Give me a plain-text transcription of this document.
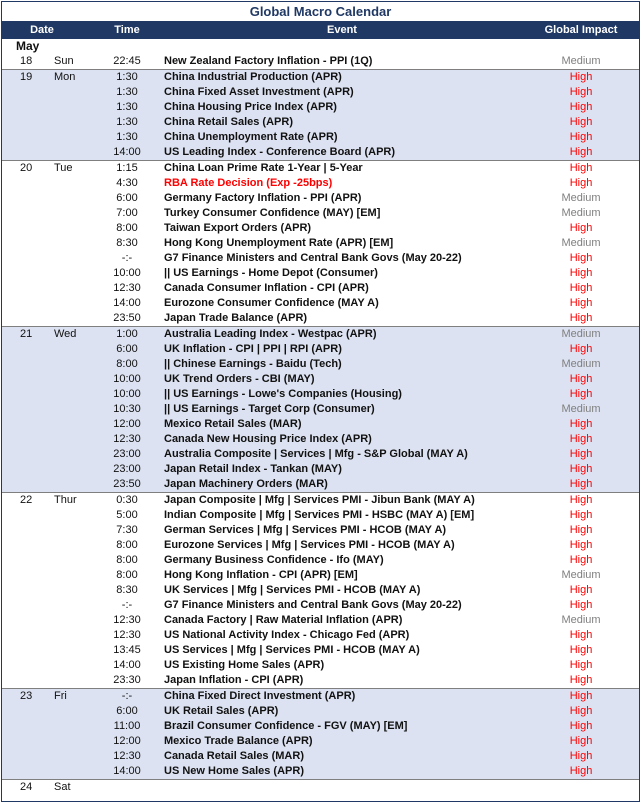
Global Macro Calendar
Date	Time (GMT)
Event	Global Impact Potential
May
18	Sun	22:45	New Zealand Factory Inflation - PPI (1Q)	Medium
19	Mon	1:30	China Industrial Production (APR)	High
1:30	China Fixed Asset Investment (APR)	High
1:30	China Housing Price Index (APR)	High
1:30	China Retail Sales (APR)	High
1:30	China Unemployment Rate (APR)	High
14:00	US Leading Index - Conference Board (APR)	High
20	Tue	1:15	China Loan Prime Rate 1-Year | 5-Year	High
4:30	RBA Rate Decision (Exp -25bps)	High
6:00	Germany Factory Inflation - PPI (APR)	Medium
7:00	Turkey Consumer Confidence (MAY) [EM]	Medium
8:00	Taiwan Export Orders (APR)	High
8:30	Hong Kong Unemployment Rate (APR) [EM]	Medium
-:-	G7 Finance Ministers and Central Bank Govs (May 20-22)	High
10:00	|| US Earnings - Home Depot (Consumer)	High
12:30	Canada Consumer Inflation - CPI (APR)	High
14:00	Eurozone Consumer Confidence (MAY A)	High
23:50	Japan Trade Balance (APR)	High
21	Wed	1:00	Australia Leading Index - Westpac (APR)	Medium
6:00	UK Inflation - CPI | PPI | RPI (APR)	High
8:00	|| Chinese Earnings - Baidu (Tech)	Medium
10:00	UK Trend Orders - CBI (MAY)	High
10:00	|| US Earnings - Lowe's Companies (Housing)	High
10:30	|| US Earnings - Target Corp (Consumer)	Medium
12:00	Mexico Retail Sales (MAR)	High
12:30	Canada New Housing Price Index (APR)	High
23:00	Australia Composite | Services | Mfg - S&P Global (MAY A)	High
23:00	Japan Retail Index - Tankan (MAY)	High
23:50	Japan Machinery Orders (MAR)	High
22	Thur	0:30	Japan Composite | Mfg | Services PMI - Jibun Bank (MAY A)	High
5:00	Indian Composite | Mfg | Services PMI - HSBC (MAY A) [EM]	High
7:30	German Services | Mfg | Services PMI - HCOB (MAY A)	High
8:00	Eurozone Services | Mfg | Services PMI - HCOB (MAY A)	High
8:00	Germany Business Confidence - Ifo (MAY)	High
8:00	Hong Kong Inflation - CPI (APR) [EM]	Medium
8:30	UK Services | Mfg | Services PMI - HCOB (MAY A)	High
-:-	G7 Finance Ministers and Central Bank Govs (May 20-22)	High
12:30	Canada Factory | Raw Material Inflation (APR)	Medium
12:30	US National Activity Index - Chicago Fed (APR)	High
13:45	US Services | Mfg | Services PMI - HCOB (MAY A)	High
14:00	US Existing Home Sales (APR)	High
23:30	Japan Inflation - CPI (APR)	High
23	Fri	-:-	China Fixed Direct Investment (APR)	High
6:00	UK Retail Sales (APR)	High
11:00	Brazil Consumer Confidence - FGV (MAY) [EM]	High
12:00	Mexico Trade Balance (APR)	High
12:30	Canada Retail Sales (MAR)	High
14:00	US New Home Sales (APR)	High
24	Sat
